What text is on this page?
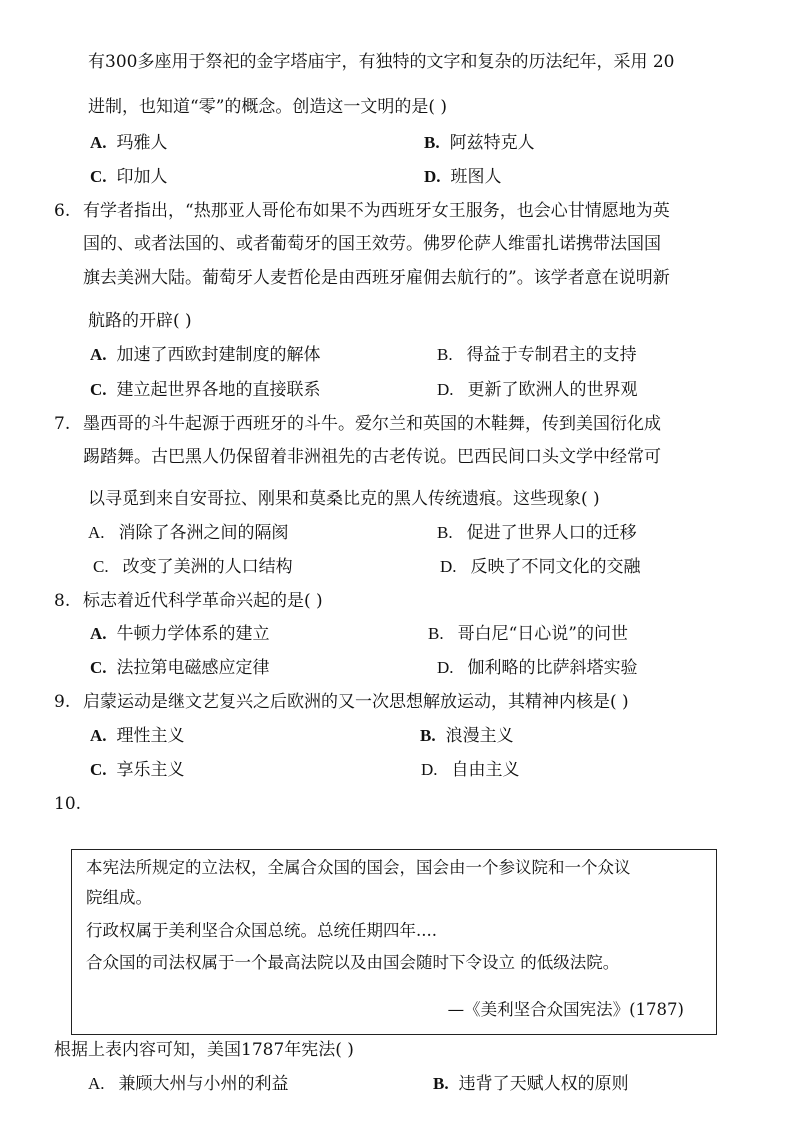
有300多座用于祭祀的金字塔庙宇，有独特的文字和复杂的历法纪年，采用 20
进制，也知道“零”的概念。创造这一文明的是( )
A. 玛雅人	B. 阿兹特克人
C. 印加人	D. 班图人
6. 有学者指出，“热那亚人哥伦布如果不为西班牙女王服务，也会心甘情愿地为英
国的、或者法国的、或者葡萄牙的国王效劳。佛罗伦萨人维雷扎诺携带法国国
旗去美洲大陆。葡萄牙人麦哲伦是由西班牙雇佣去航行的”。该学者意在说明新
航路的开辟( )
A. 加速了西欧封建制度的解体	B. 得益于专制君主的支持
C. 建立起世界各地的直接联系	D. 更新了欧洲人的世界观
7. 墨西哥的斗牛起源于西班牙的斗牛。爱尔兰和英国的木鞋舞，传到美国衍化成
踢踏舞。古巴黑人仍保留着非洲祖先的古老传说。巴西民间口头文学中经常可
以寻觅到来自安哥拉、刚果和莫桑比克的黑人传统遗痕。这些现象( )
A. 消除了各洲之间的隔阂	B. 促进了世界人口的迁移
C. 改变了美洲的人口结构	D. 反映了不同文化的交融
8. 标志着近代科学革命兴起的是( )
A. 牛顿力学体系的建立	B. 哥白尼“日心说”的问世
C. 法拉第电磁感应定律	D. 伽利略的比萨斜塔实验
9. 启蒙运动是继文艺复兴之后欧洲的又一次思想解放运动，其精神内核是( )
A. 理性主义	B. 浪漫主义
C. 享乐主义	D. 自由主义
10.
本宪法所规定的立法权，全属合众国的国会，国会由一个参议院和一个众议
院组成。
行政权属于美利坚合众国总统。总统任期四年....
合众国的司法权属于一个最高法院以及由国会随时下令设立 的低级法院。
—《美利坚合众国宪法》(1787)
根据上表内容可知，美国1787年宪法( )
A. 兼顾大州与小州的利益	B. 违背了天赋人权的原则
